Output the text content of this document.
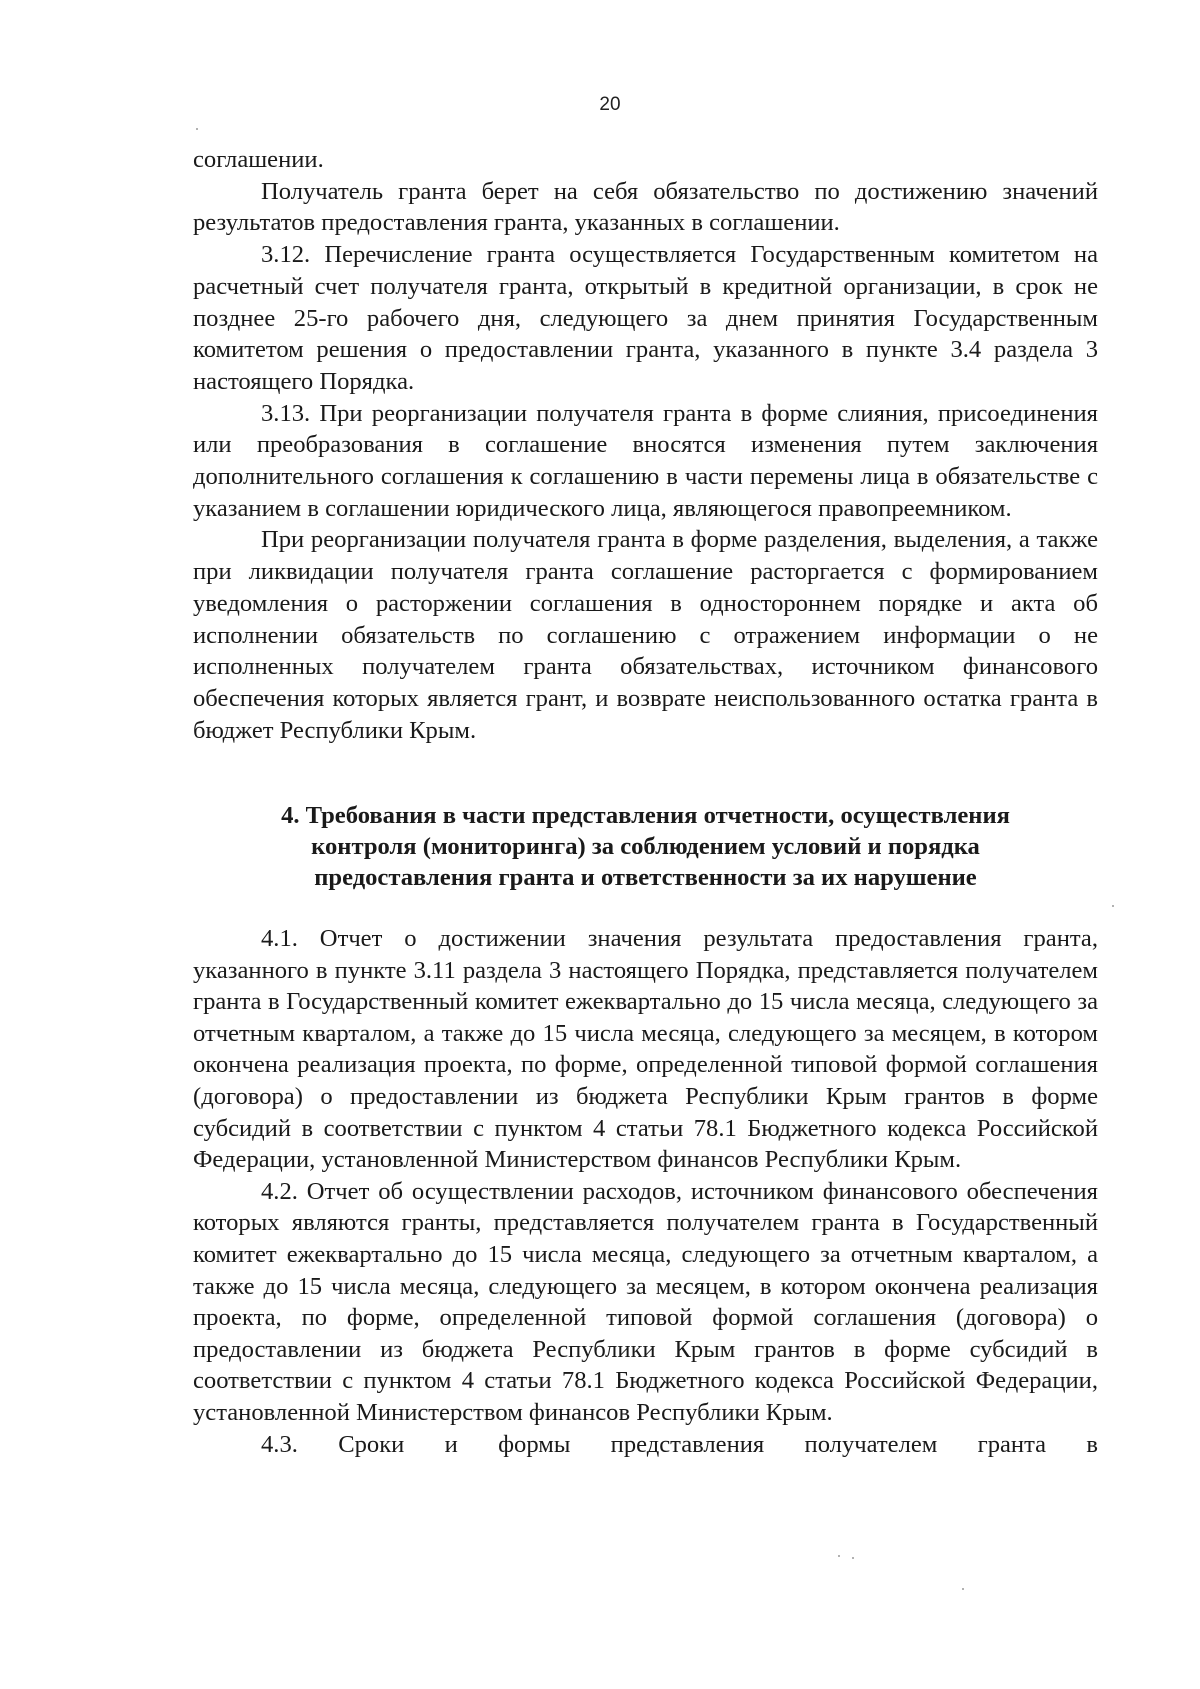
20

соглашении.

Получатель гранта берет на себя обязательство по достижению значений результатов предоставления гранта, указанных в соглашении.

3.12. Перечисление гранта осуществляется Государственным комитетом на расчетный счет получателя гранта, открытый в кредитной организации, в срок не позднее 25-го рабочего дня, следующего за днем принятия Государственным комитетом решения о предоставлении гранта, указанного в пункте 3.4 раздела 3 настоящего Порядка.

3.13. При реорганизации получателя гранта в форме слияния, присоединения или преобразования в соглашение вносятся изменения путем заключения дополнительного соглашения к соглашению в части перемены лица в обязательстве с указанием в соглашении юридического лица, являющегося правопреемником.

При реорганизации получателя гранта в форме разделения, выделения, а также при ликвидации получателя гранта соглашение расторгается с формированием уведомления о расторжении соглашения в одностороннем порядке и акта об исполнении обязательств по соглашению с отражением информации о не исполненных получателем гранта обязательствах, источником финансового обеспечения которых является грант, и возврате неиспользованного остатка гранта в бюджет Республики Крым.

4. Требования в части представления отчетности, осуществления
контроля (мониторинга) за соблюдением условий и порядка
предоставления гранта и ответственности за их нарушение

4.1. Отчет о достижении значения результата предоставления гранта, указанного в пункте 3.11 раздела 3 настоящего Порядка, представляется получателем гранта в Государственный комитет ежеквартально до 15 числа месяца, следующего за отчетным кварталом, а также до 15 числа месяца, следующего за месяцем, в котором окончена реализация проекта, по форме, определенной типовой формой соглашения (договора) о предоставлении из бюджета Республики Крым грантов в форме субсидий в соответствии с пунктом 4 статьи 78.1 Бюджетного кодекса Российской Федерации, установленной Министерством финансов Республики Крым.

4.2. Отчет об осуществлении расходов, источником финансового обеспечения которых являются гранты, представляется получателем гранта в Государственный комитет ежеквартально до 15 числа месяца, следующего за отчетным кварталом, а также до 15 числа месяца, следующего за месяцем, в котором окончена реализация проекта, по форме, определенной типовой формой соглашения (договора) о предоставлении из бюджета Республики Крым грантов в форме субсидий в соответствии с пунктом 4 статьи 78.1 Бюджетного кодекса Российской Федерации, установленной Министерством финансов Республики Крым.

4.3. Сроки и формы представления получателем гранта в
